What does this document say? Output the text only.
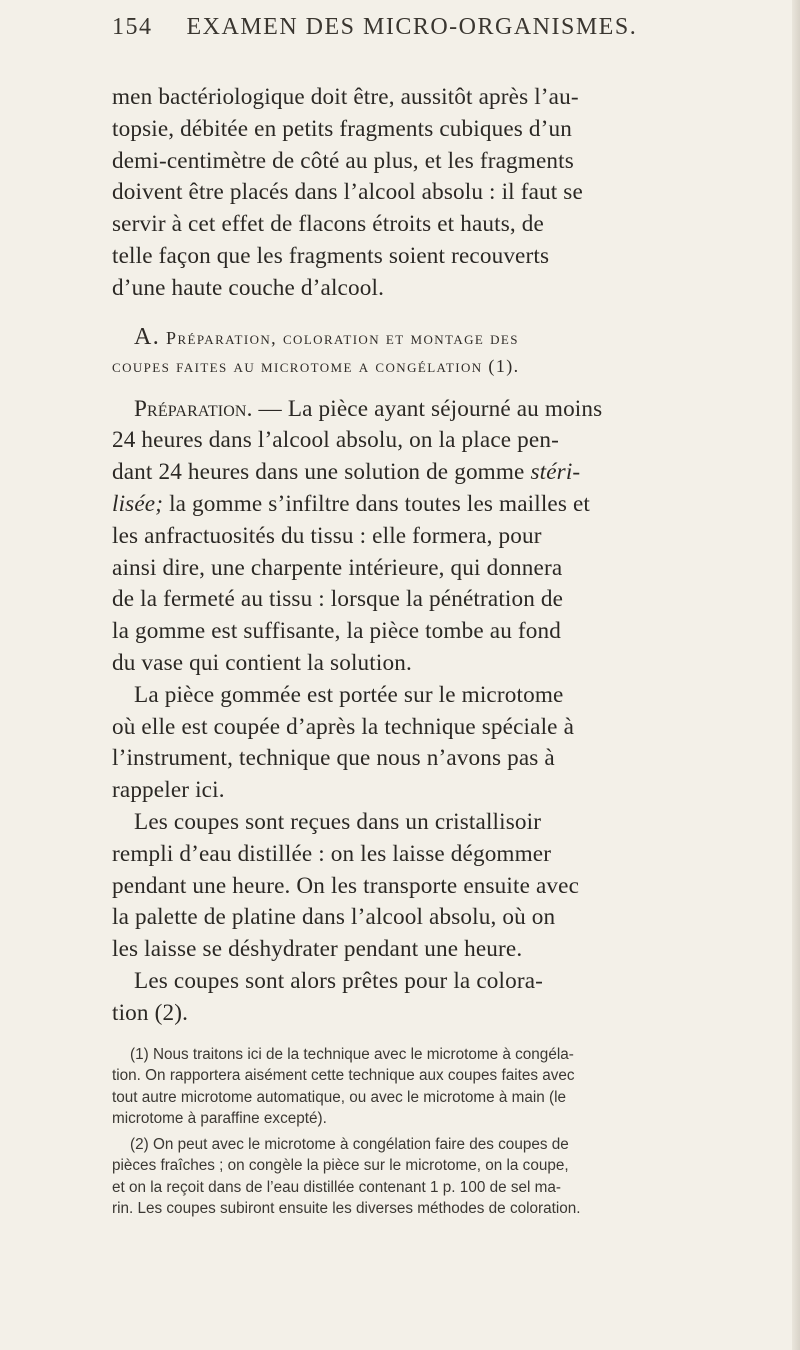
154 EXAMEN DES MICRO-ORGANISMES.

men bactériologique doit être, aussitôt après l’au-
topsie, débitée en petits fragments cubiques d’un
demi-centimètre de côté au plus, et les fragments
doivent être placés dans l’alcool absolu : il faut se
servir à cet effet de flacons étroits et hauts, de
telle façon que les fragments soient recouverts
d’une haute couche d’alcool.

A. Préparation, coloration et montage des
coupes faites au microtome a congélation (1).

Préparation. — La pièce ayant séjourné au moins
24 heures dans l’alcool absolu, on la place pen-
dant 24 heures dans une solution de gomme stéri-
lisée; la gomme s’infiltre dans toutes les mailles et
les anfractuosités du tissu : elle formera, pour
ainsi dire, une charpente intérieure, qui donnera
de la fermeté au tissu : lorsque la pénétration de
la gomme est suffisante, la pièce tombe au fond
du vase qui contient la solution.

La pièce gommée est portée sur le microtome
où elle est coupée d’après la technique spéciale à
l’instrument, technique que nous n’avons pas à
rappeler ici.

Les coupes sont reçues dans un cristallisoir
rempli d’eau distillée : on les laisse dégommer
pendant une heure. On les transporte ensuite avec
la palette de platine dans l’alcool absolu, où on
les laisse se déshydrater pendant une heure.

Les coupes sont alors prêtes pour la colora-
tion (2).

(1) Nous traitons ici de la technique avec le microtome à congéla-
tion. On rapportera aisément cette technique aux coupes faites avec
tout autre microtome automatique, ou avec le microtome à main (le
microtome à paraffine excepté).
(2) On peut avec le microtome à congélation faire des coupes de
pièces fraîches ; on congèle la pièce sur le microtome, on la coupe,
et on la reçoit dans de l’eau distillée contenant 1 p. 100 de sel ma-
rin. Les coupes subiront ensuite les diverses méthodes de coloration.
